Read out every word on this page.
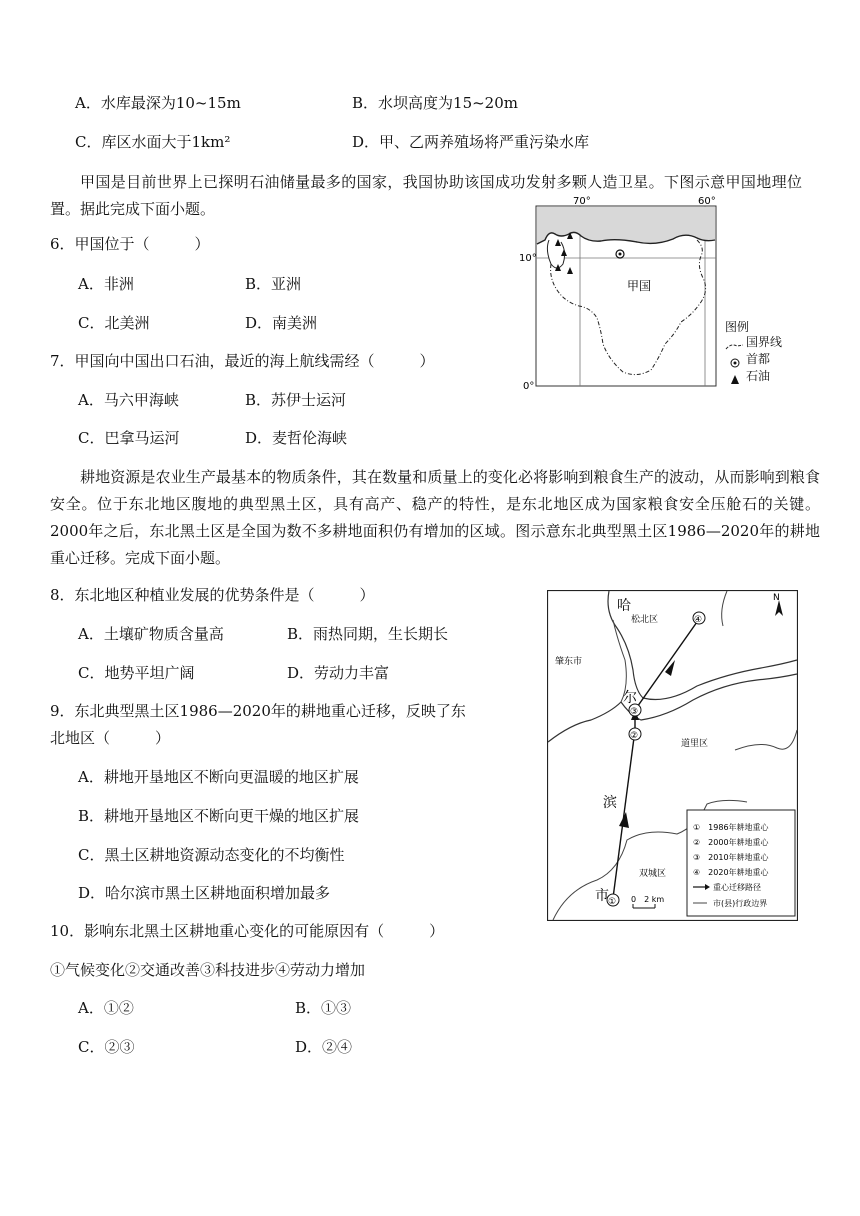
A．水库最深为10~15m	B．水坝高度为15~20m
C．库区水面大于1km²	D．甲、乙两养殖场将严重污染水库
甲国是目前世界上已探明石油储量最多的国家，我国协助该国成功发射多颗人造卫星。下图示意甲国地理位置。据此完成下面小题。
6．甲国位于（　　　）
A．非洲	B．亚洲
C．北美洲	D．南美洲
7．甲国向中国出口石油，最近的海上航线需经（　　　）
A．马六甲海峡	B．苏伊士运河
C．巴拿马运河	D．麦哲伦海峡
70°	60°
10°
0°
甲国
图例
国界线
首都
石油
耕地资源是农业生产最基本的物质条件，其在数量和质量上的变化必将影响到粮食生产的波动，从而影响到粮食安全。位于东北地区腹地的典型黑土区，具有高产、稳产的特性，是东北地区成为国家粮食安全压舱石的关键。2000年之后，东北黑土区是全国为数不多耕地面积仍有增加的区域。图示意东北典型黑土区1986—2020年的耕地重心迁移。完成下面小题。
8．东北地区种植业发展的优势条件是（　　　）
A．土壤矿物质含量高	B．雨热同期，生长期长
C．地势平坦广阔	D．劳动力丰富
9．东北典型黑土区1986—2020年的耕地重心迁移，反映了东
北地区（　　　）
A．耕地开垦地区不断向更温暖的地区扩展
B．耕地开垦地区不断向更干燥的地区扩展
C．黑土区耕地资源动态变化的不均衡性
D．哈尔滨市黑土区耕地面积增加最多
10．影响东北黑土区耕地重心变化的可能原因有（　　　）
①气候变化②交通改善③科技进步④劳动力增加
A．①②	B．①③
C．②③	D．②④
①
②
③
④
哈
尔
滨
市
松北区
肇东市
道里区
双城区
N
0　2 km
①　1986年耕地重心
②　2000年耕地重心
③　2010年耕地重心
④　2020年耕地重心
重心迁移路径
市(县)行政边界
